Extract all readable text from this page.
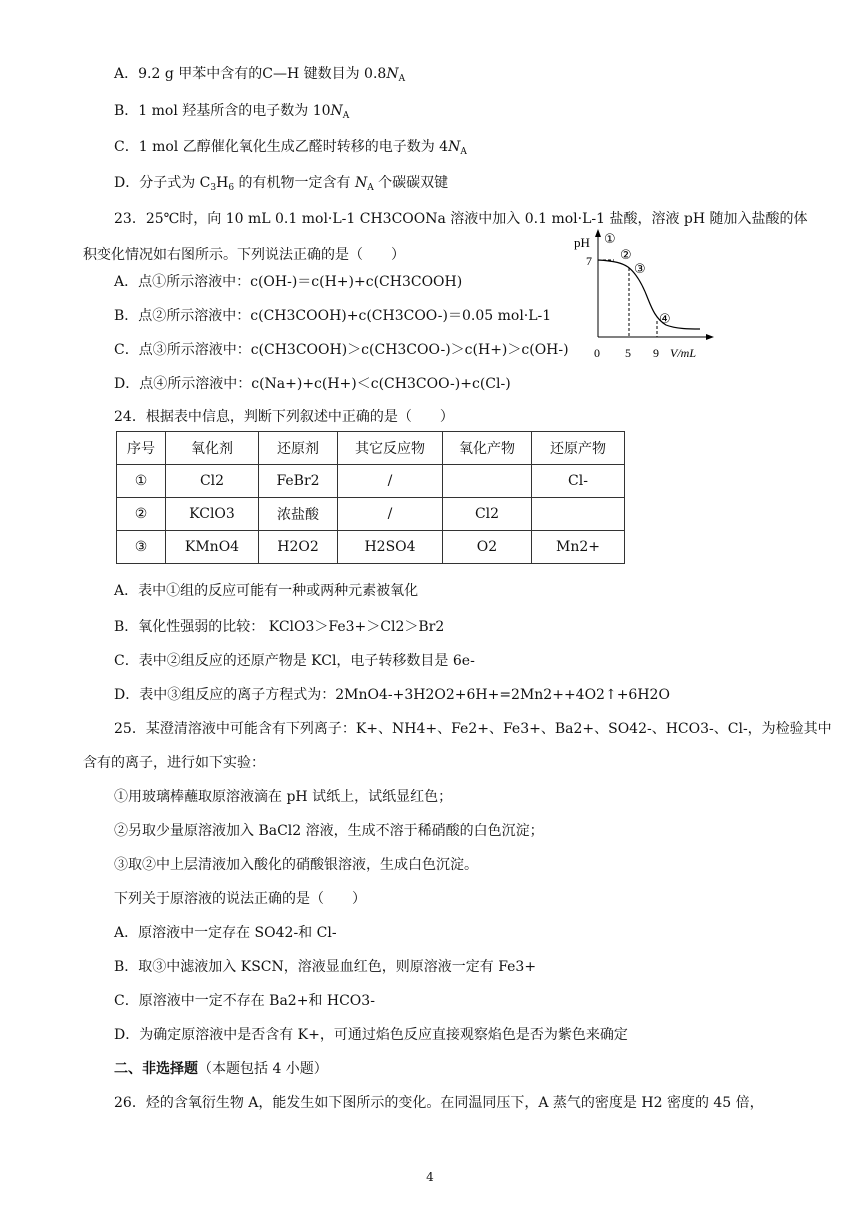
A．9.2 g 甲苯中含有的C—H 键数目为 $0.8N_A$
B．1 mol 羟基所含的电子数为 $10N_A$
C．1 mol 乙醇催化氧化生成乙醛时转移的电子数为 $4N_A$
D．分子式为 $C_3H_6$ 的有机物一定含有 $N_A$ 个碳碳双键
23．25℃时，向 10 mL 0.1 mol·L-1 CH3COONa 溶液中加入 0.1 mol·L-1 盐酸，溶液 pH 随加入盐酸的体
积变化情况如右图所示。下列说法正确的是（　　）
A．点①所示溶液中：c(OH-)＝c(H+)+c(CH3COOH)
B．点②所示溶液中：c(CH3COOH)+c(CH3COO-)＝0.05 mol·L-1
C．点③所示溶液中：c(CH3COOH)＞c(CH3COO-)＞c(H+)＞c(OH-)
D．点④所示溶液中：c(Na+)+c(H+)＜c(CH3COO-)+c(Cl-)
pH
7
①
②
③
④
0 5 9 V/mL
24．根据表中信息，判断下列叙述中正确的是（　　）
序号	氧化剂	还原剂	其它反应物	氧化产物	还原产物
①	Cl2	FeBr2	/		Cl-
②	KClO3	浓盐酸	/	Cl2	
③	KMnO4	H2O2	H2SO4	O2	Mn2+
A．表中①组的反应可能有一种或两种元素被氧化
B．氧化性强弱的比较： KClO3＞Fe3+＞Cl2＞Br2
C．表中②组反应的还原产物是 KCl，电子转移数目是 6e-
D．表中③组反应的离子方程式为：2MnO4-+3H2O2+6H+=2Mn2++4O2↑+6H2O
25．某澄清溶液中可能含有下列离子：K+、NH4+、Fe2+、Fe3+、Ba2+、SO42-、HCO3-、Cl-，为检验其中
含有的离子，进行如下实验：
①用玻璃棒蘸取原溶液滴在 pH 试纸上，试纸显红色；
②另取少量原溶液加入 BaCl2 溶液，生成不溶于稀硝酸的白色沉淀；
③取②中上层清液加入酸化的硝酸银溶液，生成白色沉淀。
下列关于原溶液的说法正确的是（　　）
A．原溶液中一定存在 SO42-和 Cl-
B．取③中滤液加入 KSCN，溶液显血红色，则原溶液一定有 Fe3+
C．原溶液中一定不存在 Ba2+和 HCO3-
D．为确定原溶液中是否含有 K+，可通过焰色反应直接观察焰色是否为紫色来确定
二、非选择题（本题包括 4 小题）
26．烃的含氧衍生物 A，能发生如下图所示的变化。在同温同压下，A 蒸气的密度是 H2 密度的 45 倍，
4
